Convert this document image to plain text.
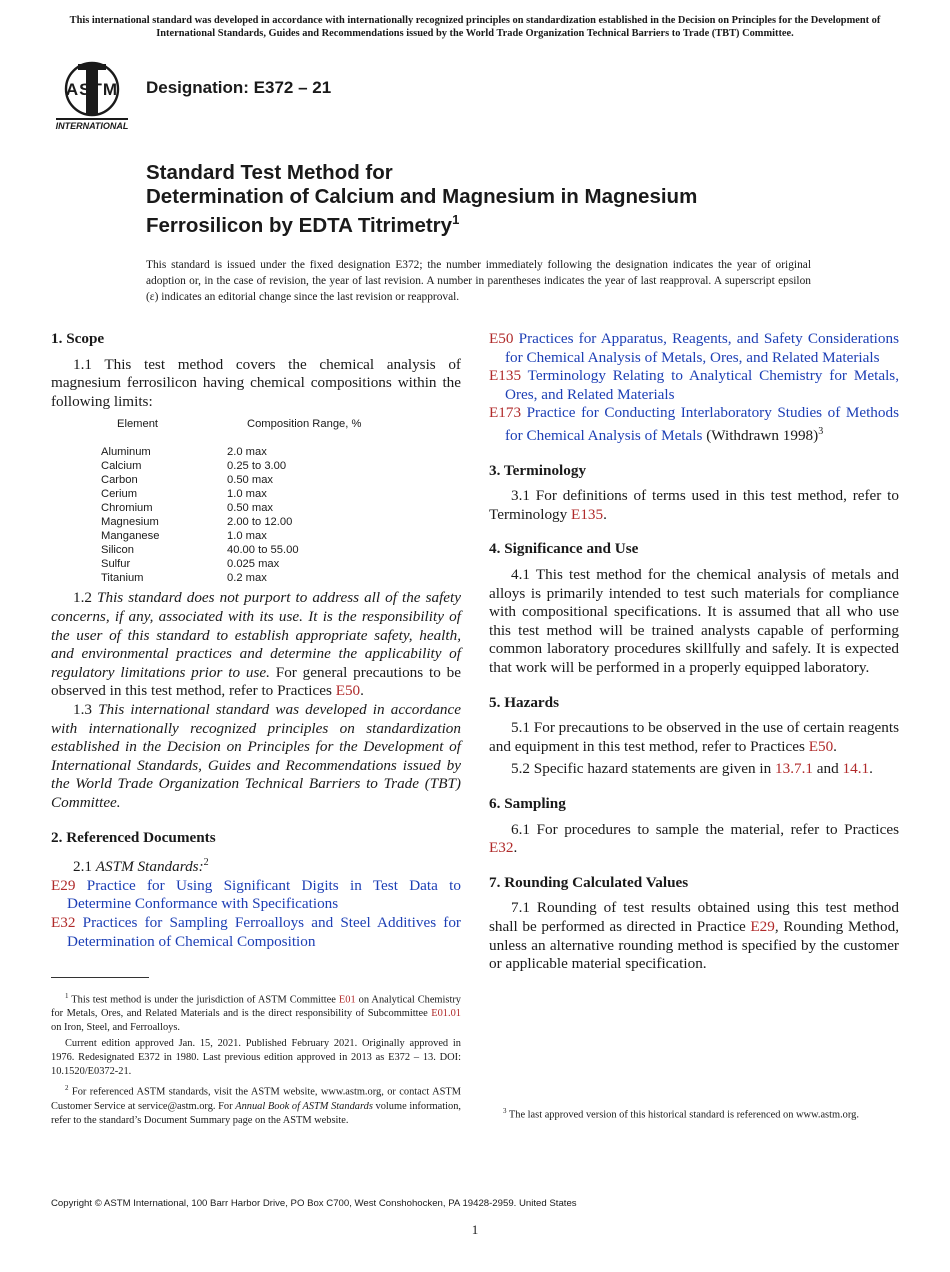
This international standard was developed in accordance with internationally recognized principles on standardization established in the Decision on Principles for the Development of International Standards, Guides and Recommendations issued by the World Trade Organization Technical Barriers to Trade (TBT) Committee.
ASTM
INTERNATIONAL
Designation: E372 – 21
Standard Test Method for
Determination of Calcium and Magnesium in Magnesium
Ferrosilicon by EDTA Titrimetry$^1$
This standard is issued under the fixed designation E372; the number immediately following the designation indicates the year of original adoption or, in the case of revision, the year of last revision. A number in parentheses indicates the year of last reapproval. A superscript epsilon (ε) indicates an editorial change since the last revision or reapproval.
1. Scope

1.1 This test method covers the chemical analysis of magnesium ferrosilicon having chemical compositions within the following limits:

Element	Composition Range, %
Aluminum	2.0 max
Calcium	0.25 to 3.00
Carbon	0.50 max
Cerium	1.0 max
Chromium	0.50 max
Magnesium	2.00 to 12.00
Manganese	1.0 max
Silicon	40.00 to 55.00
Sulfur	0.025 max
Titanium	0.2 max

1.2 This standard does not purport to address all of the safety concerns, if any, associated with its use. It is the responsibility of the user of this standard to establish appropriate safety, health, and environmental practices and determine the applicability of regulatory limitations prior to use. For general precautions to be observed in this test method, refer to Practices E50.

1.3 This international standard was developed in accordance with internationally recognized principles on standardization established in the Decision on Principles for the Development of International Standards, Guides and Recommendations issued by the World Trade Organization Technical Barriers to Trade (TBT) Committee.

2. Referenced Documents

2.1 ASTM Standards:$^2$

E29 Practice for Using Significant Digits in Test Data to Determine Conformance with Specifications

E32 Practices for Sampling Ferroalloys and Steel Additives for Determination of Chemical Composition

E50 Practices for Apparatus, Reagents, and Safety Considerations for Chemical Analysis of Metals, Ores, and Related Materials

E135 Terminology Relating to Analytical Chemistry for Metals, Ores, and Related Materials

E173 Practice for Conducting Interlaboratory Studies of Methods for Chemical Analysis of Metals (Withdrawn 1998)$^3$

3. Terminology

3.1 For definitions of terms used in this test method, refer to Terminology E135.

4. Significance and Use

4.1 This test method for the chemical analysis of metals and alloys is primarily intended to test such materials for compliance with compositional specifications. It is assumed that all who use this test method will be trained analysts capable of performing common laboratory procedures skillfully and safely. It is expected that work will be performed in a properly equipped laboratory.

5. Hazards

5.1 For precautions to be observed in the use of certain reagents and equipment in this test method, refer to Practices E50.

5.2 Specific hazard statements are given in 13.7.1 and 14.1.

6. Sampling

6.1 For procedures to sample the material, refer to Practices E32.

7. Rounding Calculated Values

7.1 Rounding of test results obtained using this test method shall be performed as directed in Practice E29, Rounding Method, unless an alternative rounding method is specified by the customer or applicable material specification.

$^1$ This test method is under the jurisdiction of ASTM Committee E01 on Analytical Chemistry for Metals, Ores, and Related Materials and is the direct responsibility of Subcommittee E01.01 on Iron, Steel, and Ferroalloys.

Current edition approved Jan. 15, 2021. Published February 2021. Originally approved in 1976. Redesignated E372 in 1980. Last previous edition approved in 2013 as E372 – 13. DOI: 10.1520/E0372-21.

$^2$ For referenced ASTM standards, visit the ASTM website, www.astm.org, or contact ASTM Customer Service at service@astm.org. For Annual Book of ASTM Standards volume information, refer to the standard’s Document Summary page on the ASTM website.

$^3$ The last approved version of this historical standard is referenced on www.astm.org.

Copyright © ASTM International, 100 Barr Harbor Drive, PO Box C700, West Conshohocken, PA 19428-2959. United States
1
